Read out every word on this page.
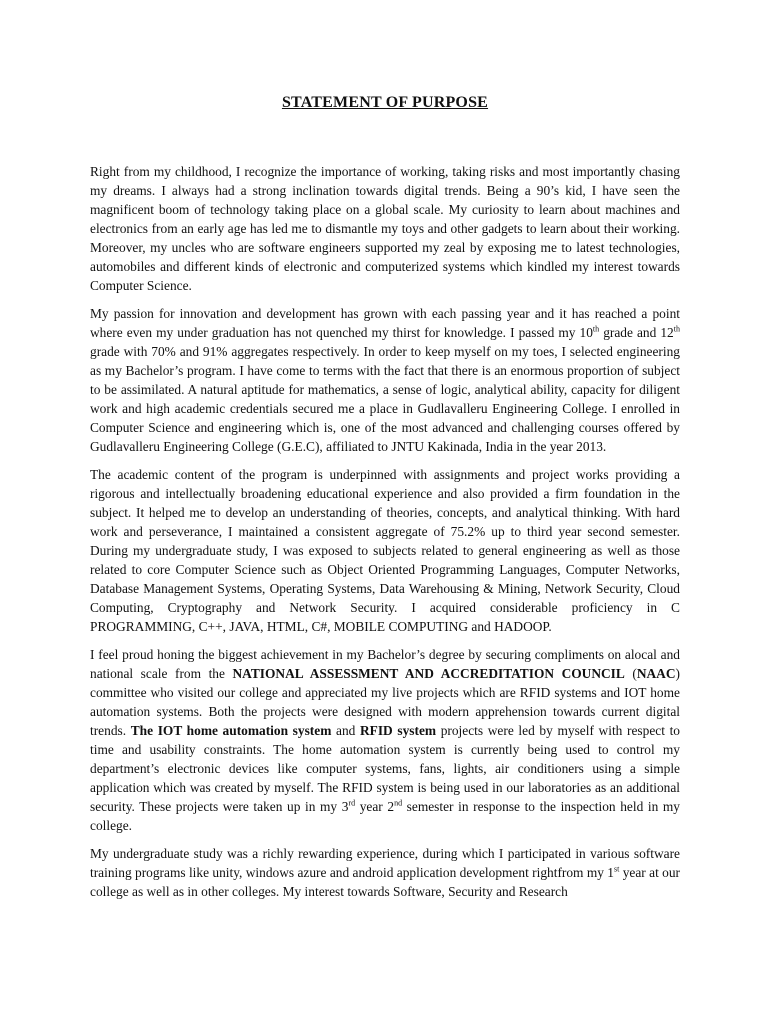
STATEMENT OF PURPOSE

Right from my childhood, I recognize the importance of working, taking risks and most importantly chasing my dreams. I always had a strong inclination towards digital trends. Being a 90’s kid, I have seen the magnificent boom of technology taking place on a global scale. My curiosity to learn about machines and electronics from an early age has led me to dismantle my toys and other gadgets to learn about their working. Moreover, my uncles who are software engineers supported my zeal by exposing me to latest technologies, automobiles and different kinds of electronic and computerized systems which kindled my interest towards Computer Science.

My passion for innovation and development has grown with each passing year and it has reached a point where even my under graduation has not quenched my thirst for knowledge. I passed my 10th grade and 12th grade with 70% and 91% aggregates respectively. In order to keep myself on my toes, I selected engineering as my Bachelor’s program. I have come to terms with the fact that there is an enormous proportion of subject to be assimilated. A natural aptitude for mathematics, a sense of logic, analytical ability, capacity for diligent work and high academic credentials secured me a place in Gudlavalleru Engineering College. I enrolled in Computer Science and engineering which is, one of the most advanced and challenging courses offered by Gudlavalleru Engineering College (G.E.C), affiliated to JNTU Kakinada, India in the year 2013.

The academic content of the program is underpinned with assignments and project works providing a rigorous and intellectually broadening educational experience and also provided a firm foundation in the subject. It helped me to develop an understanding of theories, concepts, and analytical thinking. With hard work and perseverance, I maintained a consistent aggregate of 75.2% up to third year second semester. During my undergraduate study, I was exposed to subjects related to general engineering as well as those related to core Computer Science such as Object Oriented Programming Languages, Computer Networks, Database Management Systems, Operating Systems, Data Warehousing & Mining, Network Security, Cloud Computing, Cryptography and Network Security. I acquired considerable proficiency in C PROGRAMMING, C++, JAVA, HTML, C#, MOBILE COMPUTING and HADOOP.

I feel proud honing the biggest achievement in my Bachelor’s degree by securing compliments on alocal and national scale from the NATIONAL ASSESSMENT AND ACCREDITATION COUNCIL (NAAC) committee who visited our college and appreciated my live projects which are RFID systems and IOT home automation systems. Both the projects were designed with modern apprehension towards current digital trends. The IOT home automation system and RFID system projects were led by myself with respect to time and usability constraints. The home automation system is currently being used to control my department’s electronic devices like computer systems, fans, lights, air conditioners using a simple application which was created by myself. The RFID system is being used in our laboratories as an additional security. These projects were taken up in my 3rd year 2nd semester in response to the inspection held in my college.

My undergraduate study was a richly rewarding experience, during which I participated in various software training programs like unity, windows azure and android application development rightfrom my 1st year at our college as well as in other colleges. My interest towards Software, Security and Research
